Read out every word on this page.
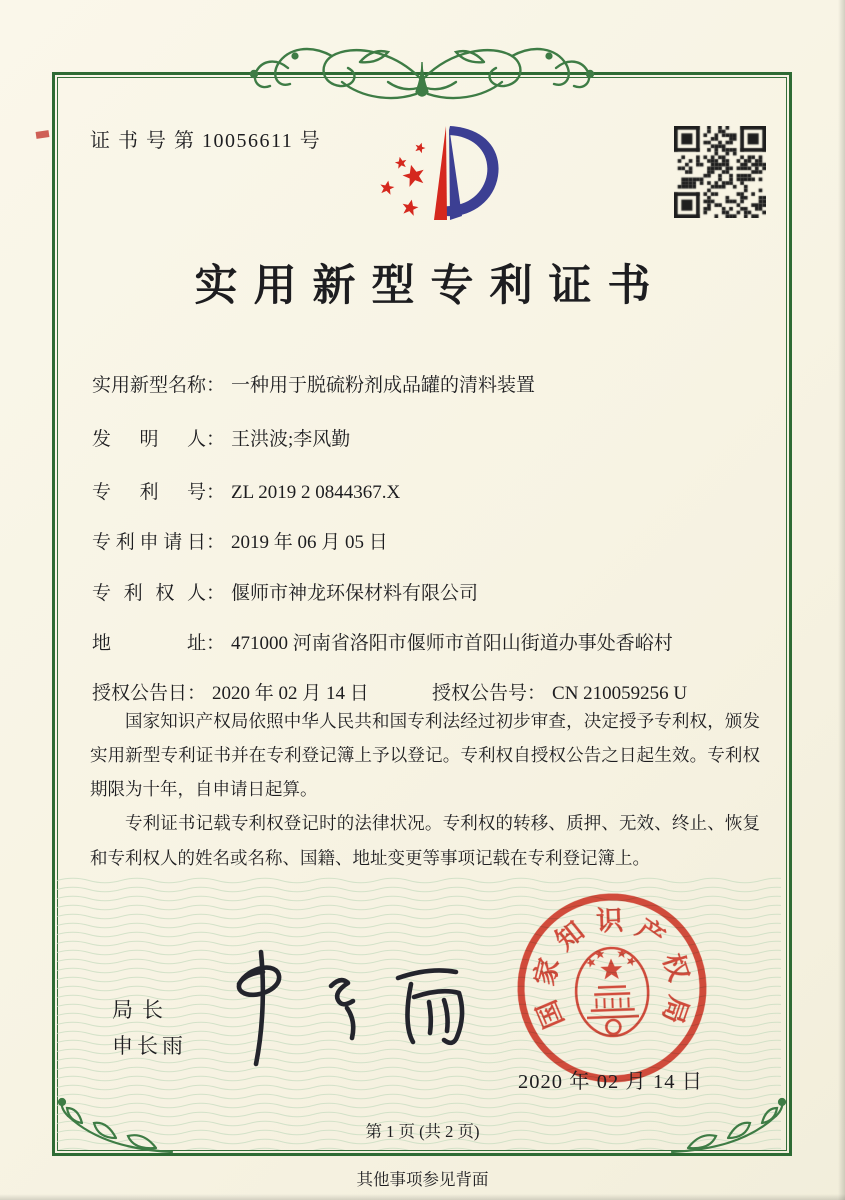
证 书 号 第 10056611 号
实用新型专利证书
实用新型名称： 一种用于脱硫粉剂成品罐的清料装置
发明人： 王洪波;李风勤
专利号： ZL 2019 2 0844367.X
专利申请日： 2019 年 06 月 05 日
专利权人： 偃师市神龙环保材料有限公司
地址： 471000 河南省洛阳市偃师市首阳山街道办事处香峪村
授权公告日： 2020 年 02 月 14 日	授权公告号： CN 210059256 U

国家知识产权局依照中华人民共和国专利法经过初步审查，决定授予专利权，颁发实用新型专利证书并在专利登记簿上予以登记。专利权自授权公告之日起生效。专利权期限为十年，自申请日起算。

专利证书记载专利权登记时的法律状况。专利权的转移、质押、无效、终止、恢复和专利权人的姓名或名称、国籍、地址变更等事项记载在专利登记簿上。

局长
申长雨
国
家
知 识 产
权
局
2020 年 02 月 14 日
第 1 页 (共 2 页)
其他事项参见背面
